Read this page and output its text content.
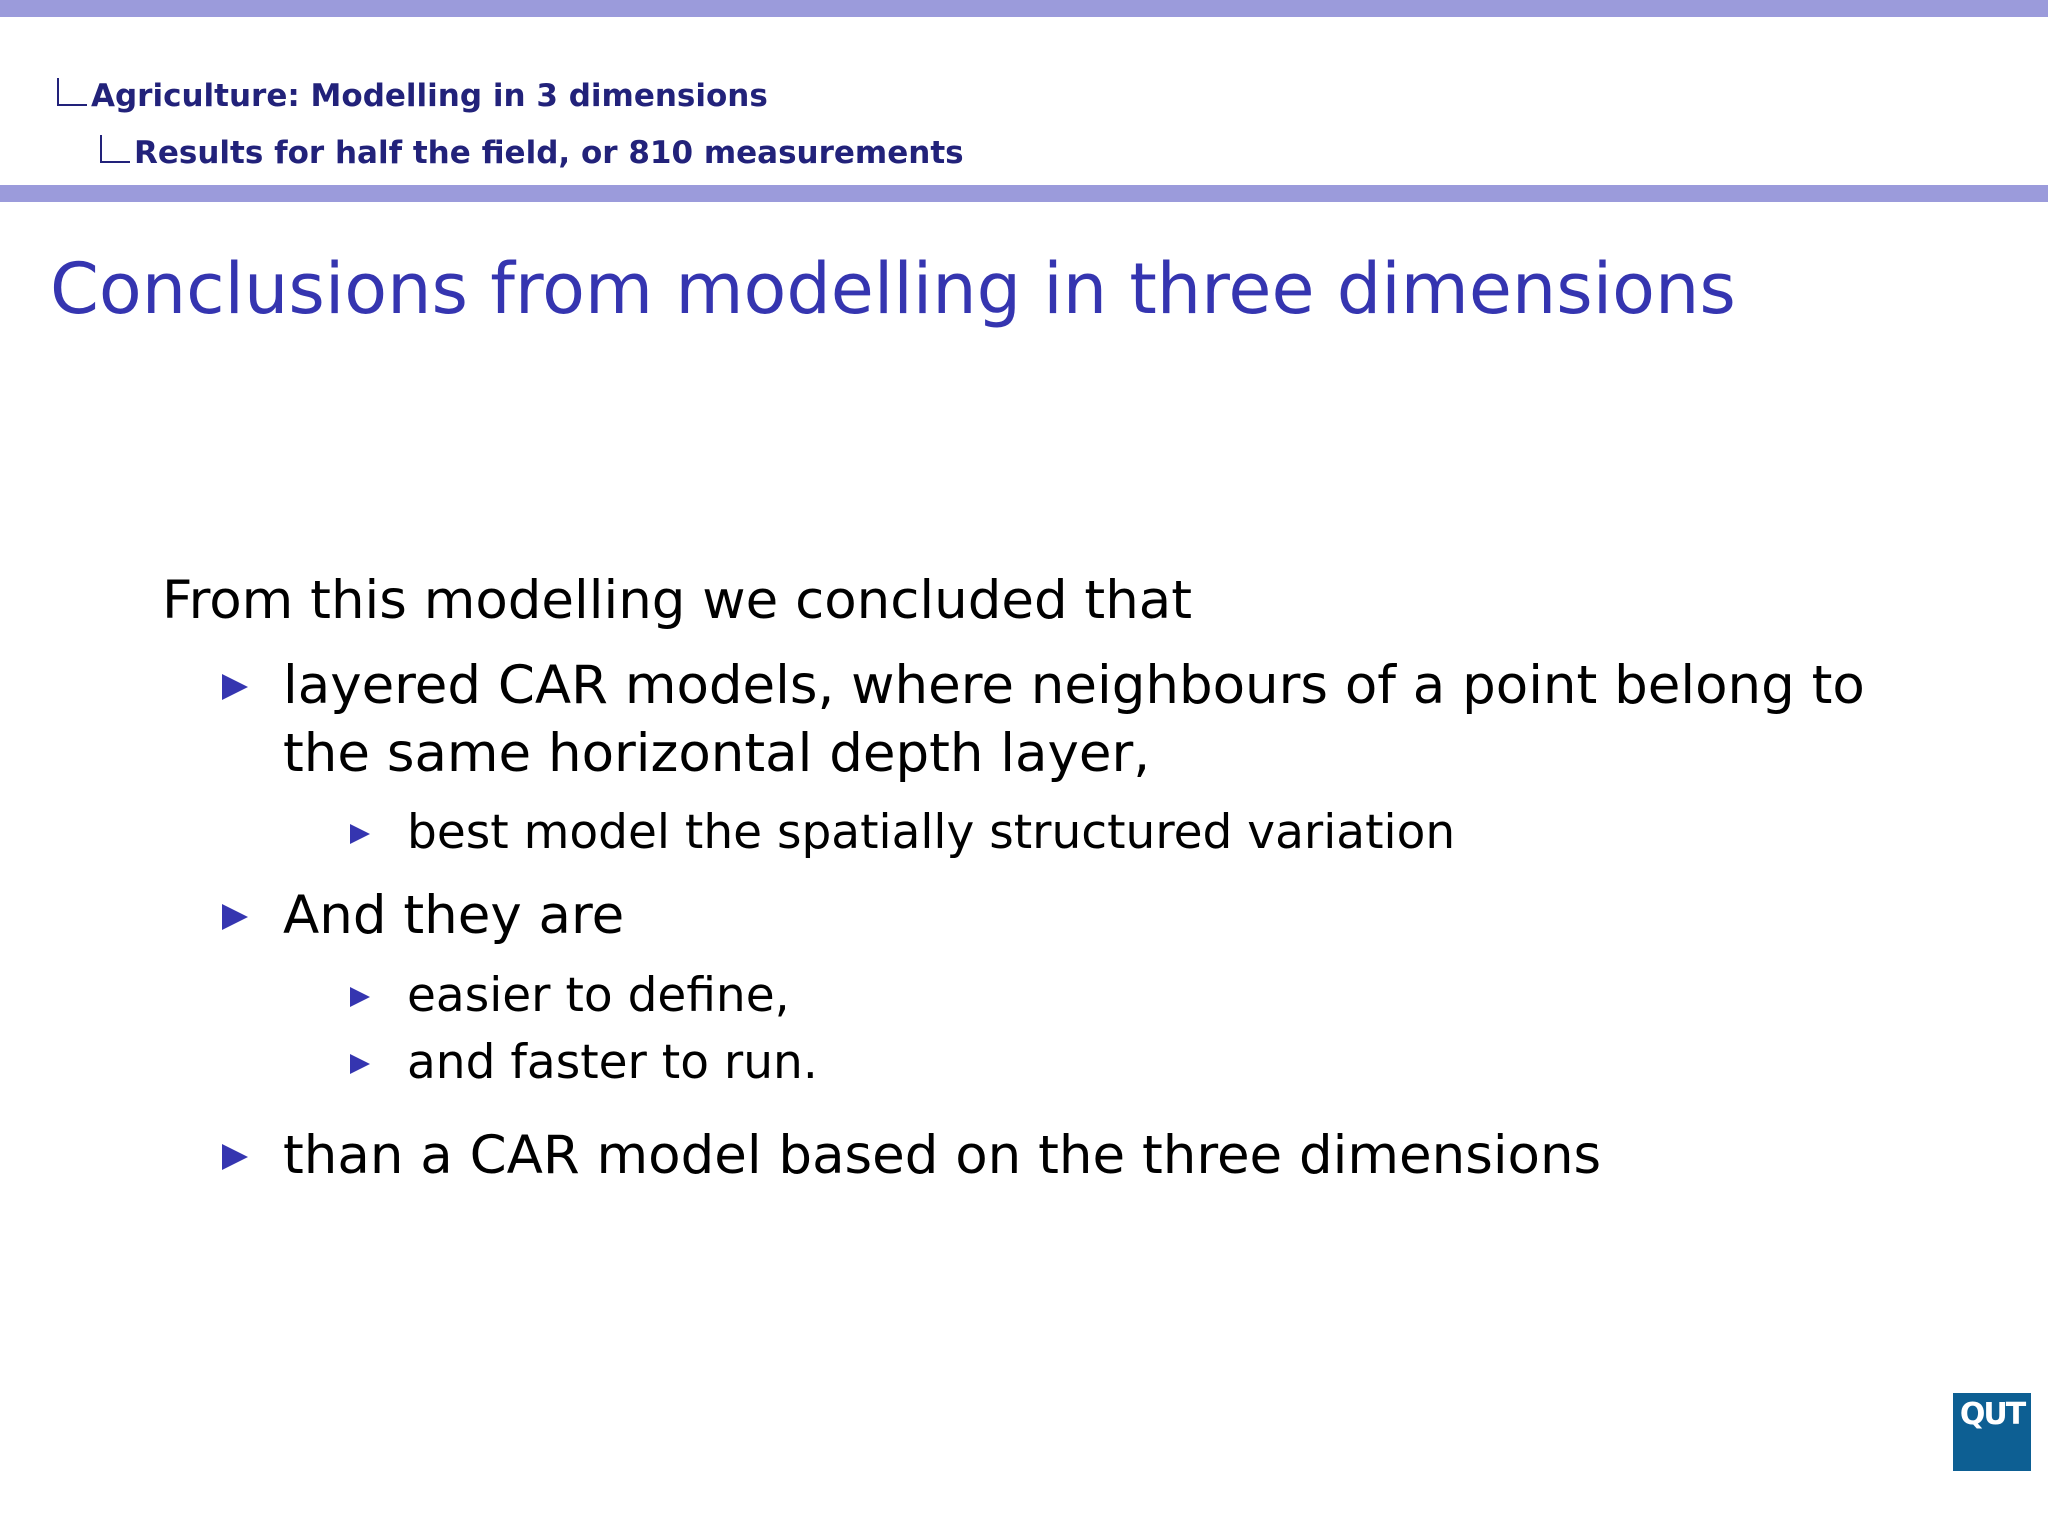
Agriculture: Modelling in 3 dimensions
Results for half the field, or 810 measurements
Conclusions from modelling in three dimensions
From this modelling we concluded that
layered CAR models, where neighbours of a point belong to
the same horizontal depth layer,
best model the spatially structured variation
And they are
easier to define,
and faster to run.
than a CAR model based on the three dimensions
QUT
